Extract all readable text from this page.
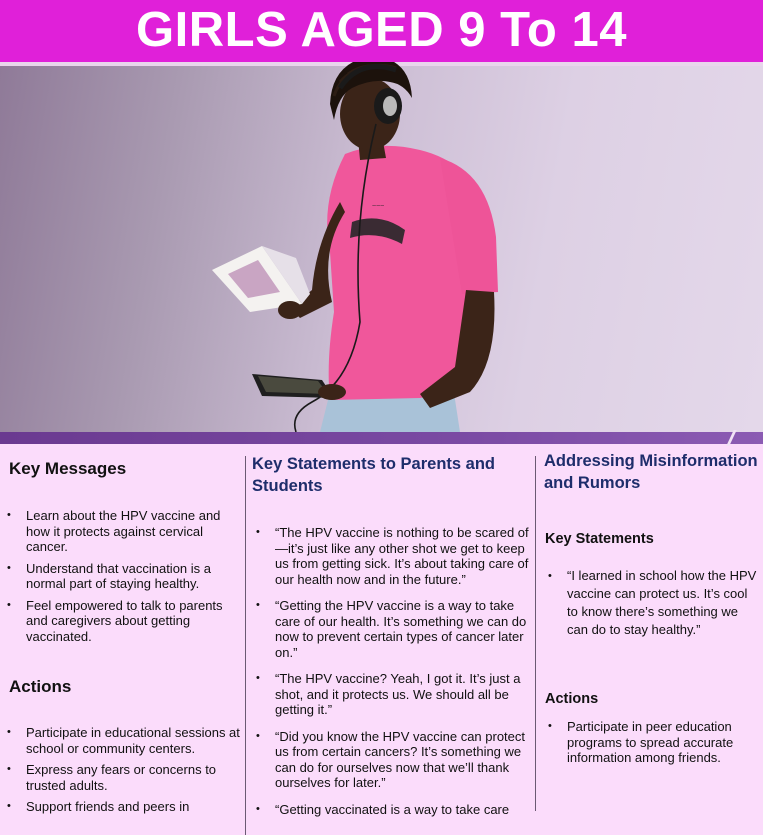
GIRLS AGED 9 To 14
~~~
Key Messages
• Learn about the HPV vaccine and how it protects against cervical cancer.
• Understand that vaccination is a normal part of staying healthy.
• Feel empowered to talk to parents and caregivers about getting vaccinated.
Actions
• Participate in educational sessions at school or community centers.
• Express any fears or concerns to trusted adults.
• Support friends and peers in
Key Statements to Parents and Students
• “The HPV vaccine is nothing to be scared of—it’s just like any other shot we get to keep us from getting sick. It’s about taking care of our health now and in the future.”
• “Getting the HPV vaccine is a way to take care of our health. It’s something we can do now to prevent certain types of cancer later on.”
• “The HPV vaccine? Yeah, I got it. It’s just a shot, and it protects us. We should all be getting it.”
• “Did you know the HPV vaccine can protect us from certain cancers? It’s something we can do for ourselves now that we’ll thank ourselves for later.”
• “Getting vaccinated is a way to take care
Addressing Misinformation and Rumors
Key Statements
• “I learned in school how the HPV vaccine can protect us. It’s cool to know there’s something we can do to stay healthy.”
Actions
• Participate in peer education programs to spread accurate information among friends.
